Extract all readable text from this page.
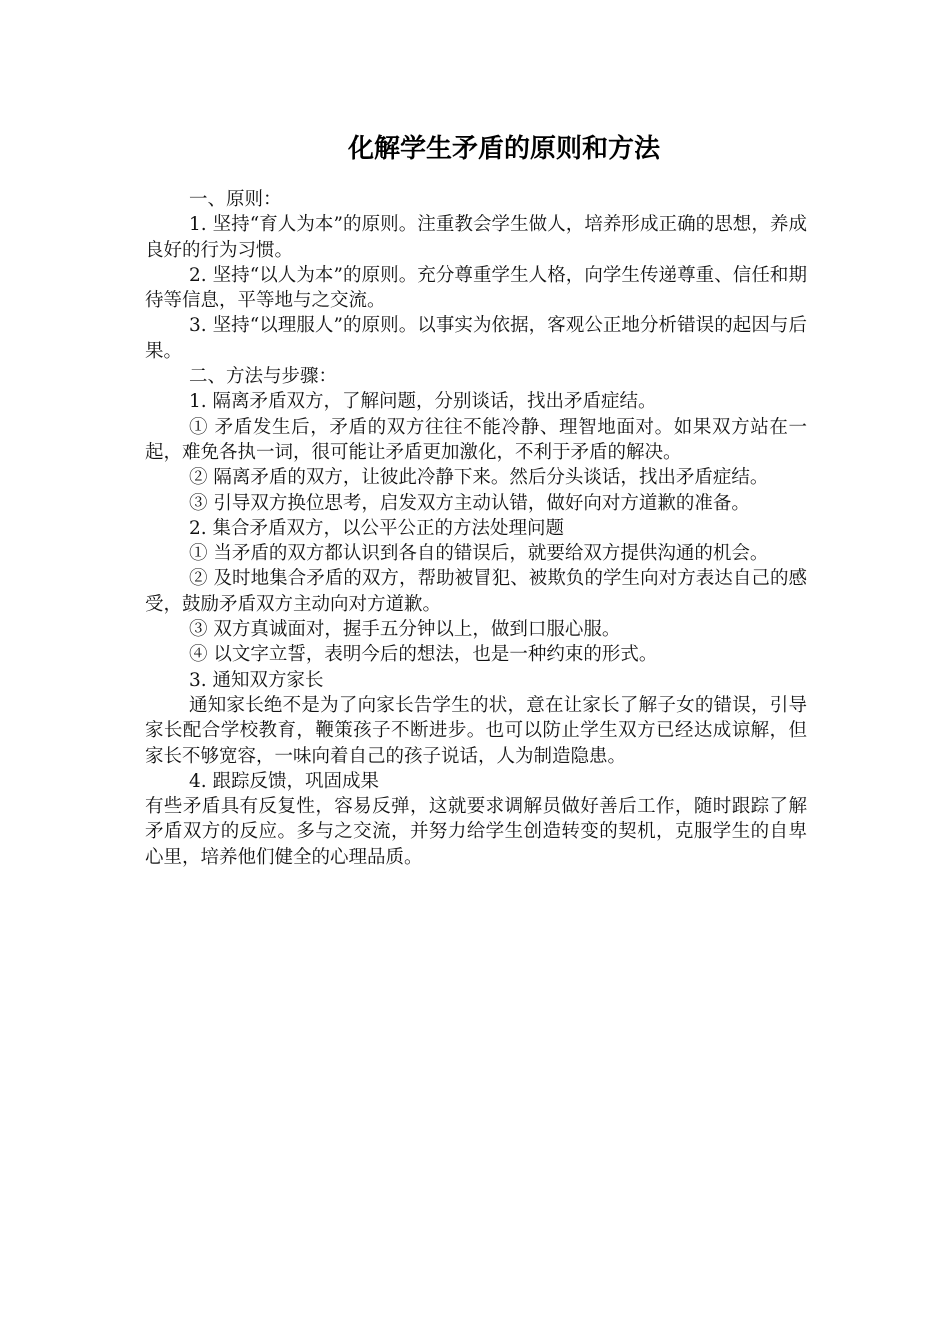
化解学生矛盾的原则和方法

一、原则：

1. 坚持“育人为本”的原则。注重教会学生做人，培养形成正确的思想，养成良好的行为习惯。

2. 坚持“以人为本”的原则。充分尊重学生人格，向学生传递尊重、信任和期待等信息，平等地与之交流。

3. 坚持“以理服人”的原则。以事实为依据，客观公正地分析错误的起因与后果。

二、方法与步骤：

1. 隔离矛盾双方，了解问题，分别谈话，找出矛盾症结。

① 矛盾发生后，矛盾的双方往往不能冷静、理智地面对。如果双方站在一起，难免各执一词，很可能让矛盾更加激化，不利于矛盾的解决。

② 隔离矛盾的双方，让彼此冷静下来。然后分头谈话，找出矛盾症结。

③ 引导双方换位思考，启发双方主动认错，做好向对方道歉的准备。

2. 集合矛盾双方，以公平公正的方法处理问题

① 当矛盾的双方都认识到各自的错误后，就要给双方提供沟通的机会。

② 及时地集合矛盾的双方，帮助被冒犯、被欺负的学生向对方表达自己的感受，鼓励矛盾双方主动向对方道歉。

③ 双方真诚面对，握手五分钟以上，做到口服心服。

④ 以文字立誓，表明今后的想法，也是一种约束的形式。

3. 通知双方家长

通知家长绝不是为了向家长告学生的状，意在让家长了解子女的错误，引导家长配合学校教育，鞭策孩子不断进步。也可以防止学生双方已经达成谅解，但家长不够宽容，一味向着自己的孩子说话，人为制造隐患。

4. 跟踪反馈，巩固成果

有些矛盾具有反复性，容易反弹，这就要求调解员做好善后工作，随时跟踪了解矛盾双方的反应。多与之交流，并努力给学生创造转变的契机，克服学生的自卑心里，培养他们健全的心理品质。
